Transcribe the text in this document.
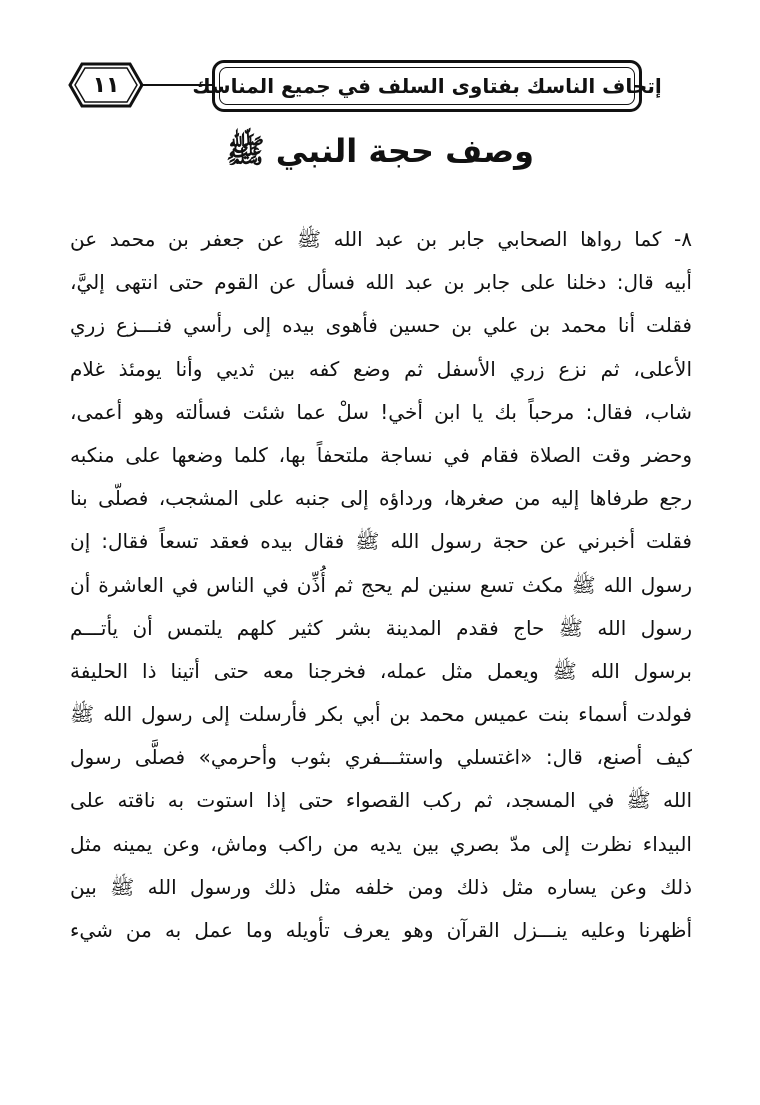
١١	إتحاف الناسك بفتاوى السلف في جميع المناسك
وصف حجة النبي ﷺ
٨- كما رواها الصحابي جابر بن عبد الله ﷺ عن جعفر بن محمد عن
أبيه قال: دخلنا على جابر بن عبد الله فسأل عن القوم حتى انتهى إليَّ،
فقلت أنا محمد بن علي بن حسين فأهوى بيده إلى رأسي فنـــزع زري
الأعلى، ثم نزع زري الأسفل ثم وضع كفه بين ثديي وأنا يومئذ غلام
شاب، فقال: مرحباً بك يا ابن أخي! سلْ عما شئت فسألته وهو أعمى،
وحضر وقت الصلاة فقام في نساجة ملتحفاً بها، كلما وضعها على منكبه
رجع طرفاها إليه من صغرها، ورداؤه إلى جنبه على المشجب، فصلّى بنا
فقلت أخبرني عن حجة رسول الله ﷺ فقال بيده فعقد تسعاً فقال: إن
رسول الله ﷺ مكث تسع سنين لم يحج ثم أُذِّن في الناس في العاشرة أن
رسول الله ﷺ حاج فقدم المدينة بشر كثير كلهم يلتمس أن يأتـــم
برسول الله ﷺ ويعمل مثل عمله، فخرجنا معه حتى أتينا ذا الحليفة
فولدت أسماء بنت عميس محمد بن أبي بكر فأرسلت إلى رسول الله ﷺ
كيف أصنع، قال: «اغتسلي واستثـــفري بثوب وأحرمي» فصلَّى رسول
الله ﷺ في المسجد، ثم ركب القصواء حتى إذا استوت به ناقته على
البيداء نظرت إلى مدّ بصري بين يديه من راكب وماش، وعن يمينه مثل
ذلك وعن يساره مثل ذلك ومن خلفه مثل ذلك ورسول الله ﷺ بين
أظهرنا وعليه ينـــزل القرآن وهو يعرف تأويله وما عمل به من شيء
